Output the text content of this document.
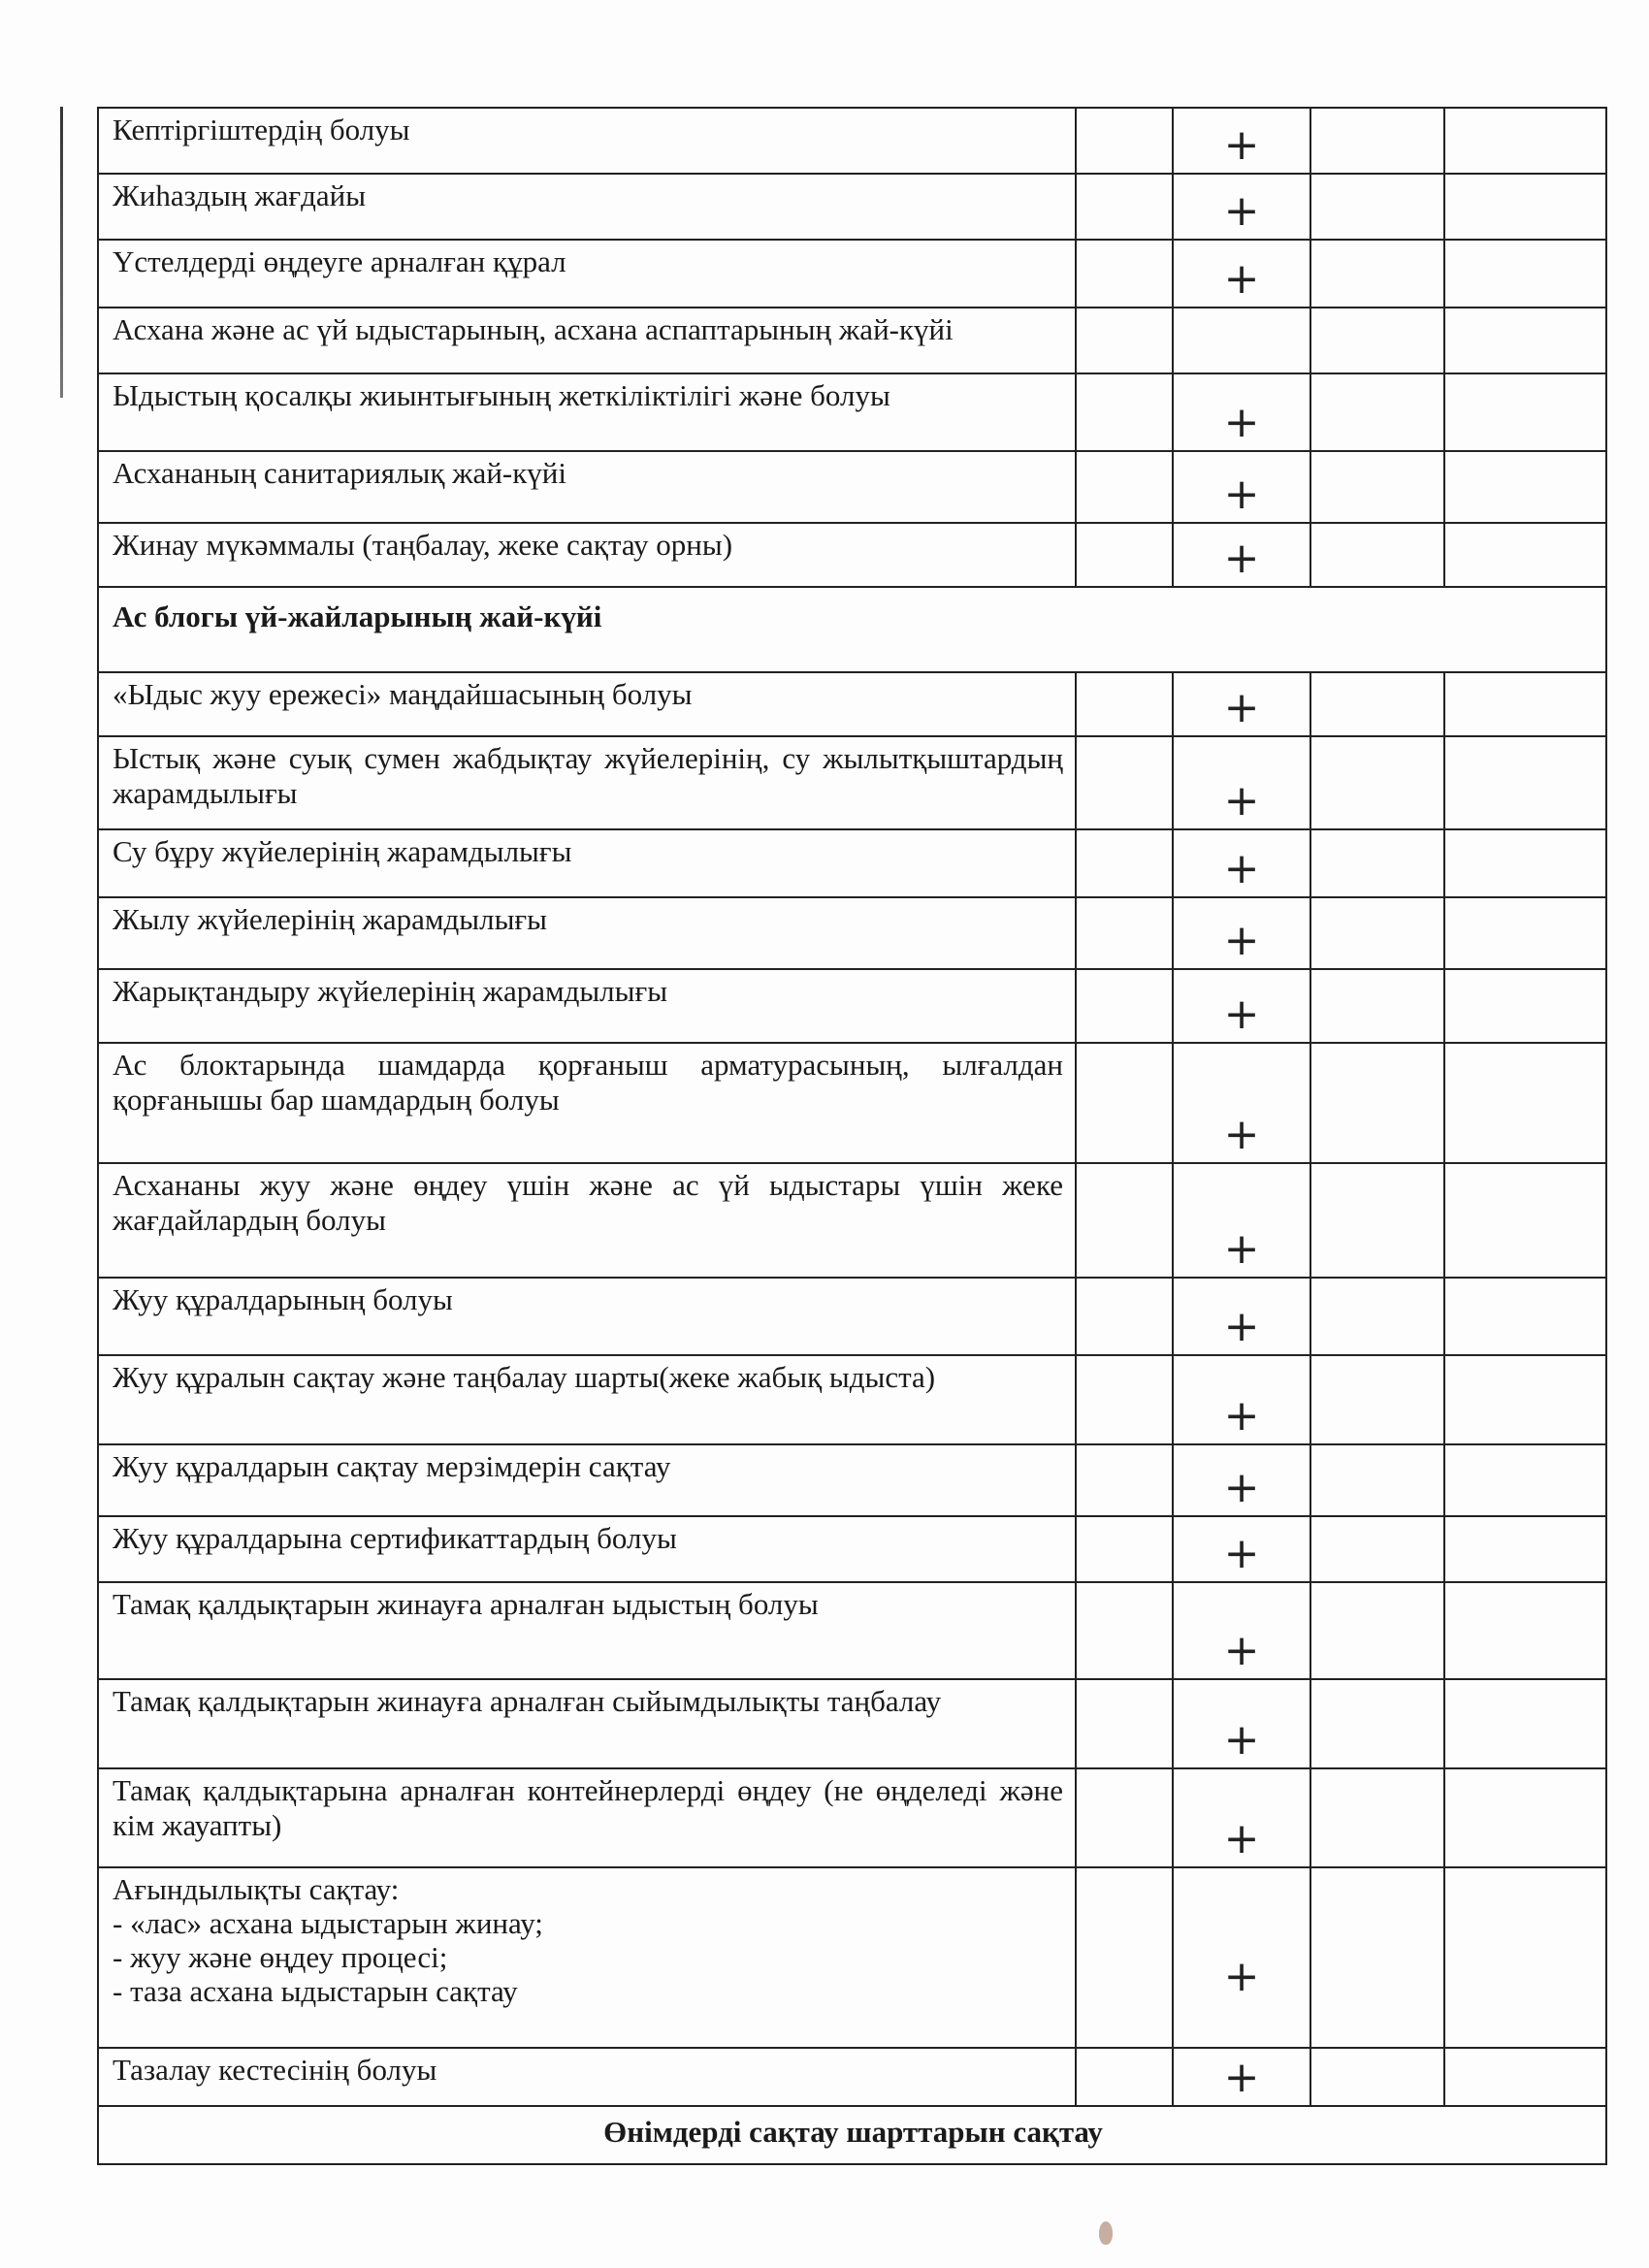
Кептіргіштердің болуы		+		

Жиһаздың жағдайы		+		

Үстелдерді өңдеуге арналған құрал		+		

Асхана және ас үй ыдыстарының, асхана аспаптарының жай-күйі		

Ыдыстың қосалқы жиынтығының жеткіліктілігі және болуы		+		

Асхананың санитариялық жай-күйі		+		

Жинау мүкәммалы (таңбалау, жеке сақтау орны)		+		

Ас блогы үй-жайларының жай-күйі				
«Ыдыс жуу ережесі» маңдайшасының болуы		+		

Ыстық және суық сумен жабдықтау жүйелерінің, су жылытқыштардың жарамдылығы		+		

Су бұру жүйелерінің жарамдылығы		+		

Жылу жүйелерінің жарамдылығы		+		

Жарықтандыру жүйелерінің жарамдылығы		+		

Ас блоктарында шамдарда қорғаныш арматурасының, ылғалдан қорғанышы бар шамдардың болуы		+		

Асхананы жуу және өңдеу үшін және ас үй ыдыстары үшін жеке жағдайлардың болуы		+		

Жуу құралдарының болуы		+		

Жуу құралын сақтау және таңбалау шарты(жеке жабық ыдыста)		+		

Жуу құралдарын сақтау мерзімдерін сақтау		+		

Жуу құралдарына сертификаттардың болуы		+		

Тамақ қалдықтарын жинауға арналған ыдыстың болуы		+		

Тамақ қалдықтарын жинауға арналған сыйымдылықты таңбалау		+		

Тамақ қалдықтарына арналған контейнерлерді өңдеу (не өңделеді және кім жауапты)		+		

Ағындылықты сақтау:
- «лас» асхана ыдыстарын жинау;
- жуу және өңдеу процесі;
- таза асхана ыдыстарын сақтау		+		

Тазалау кестесінің болуы		+		

Өнімдерді сақтау шарттарын сақтау				
